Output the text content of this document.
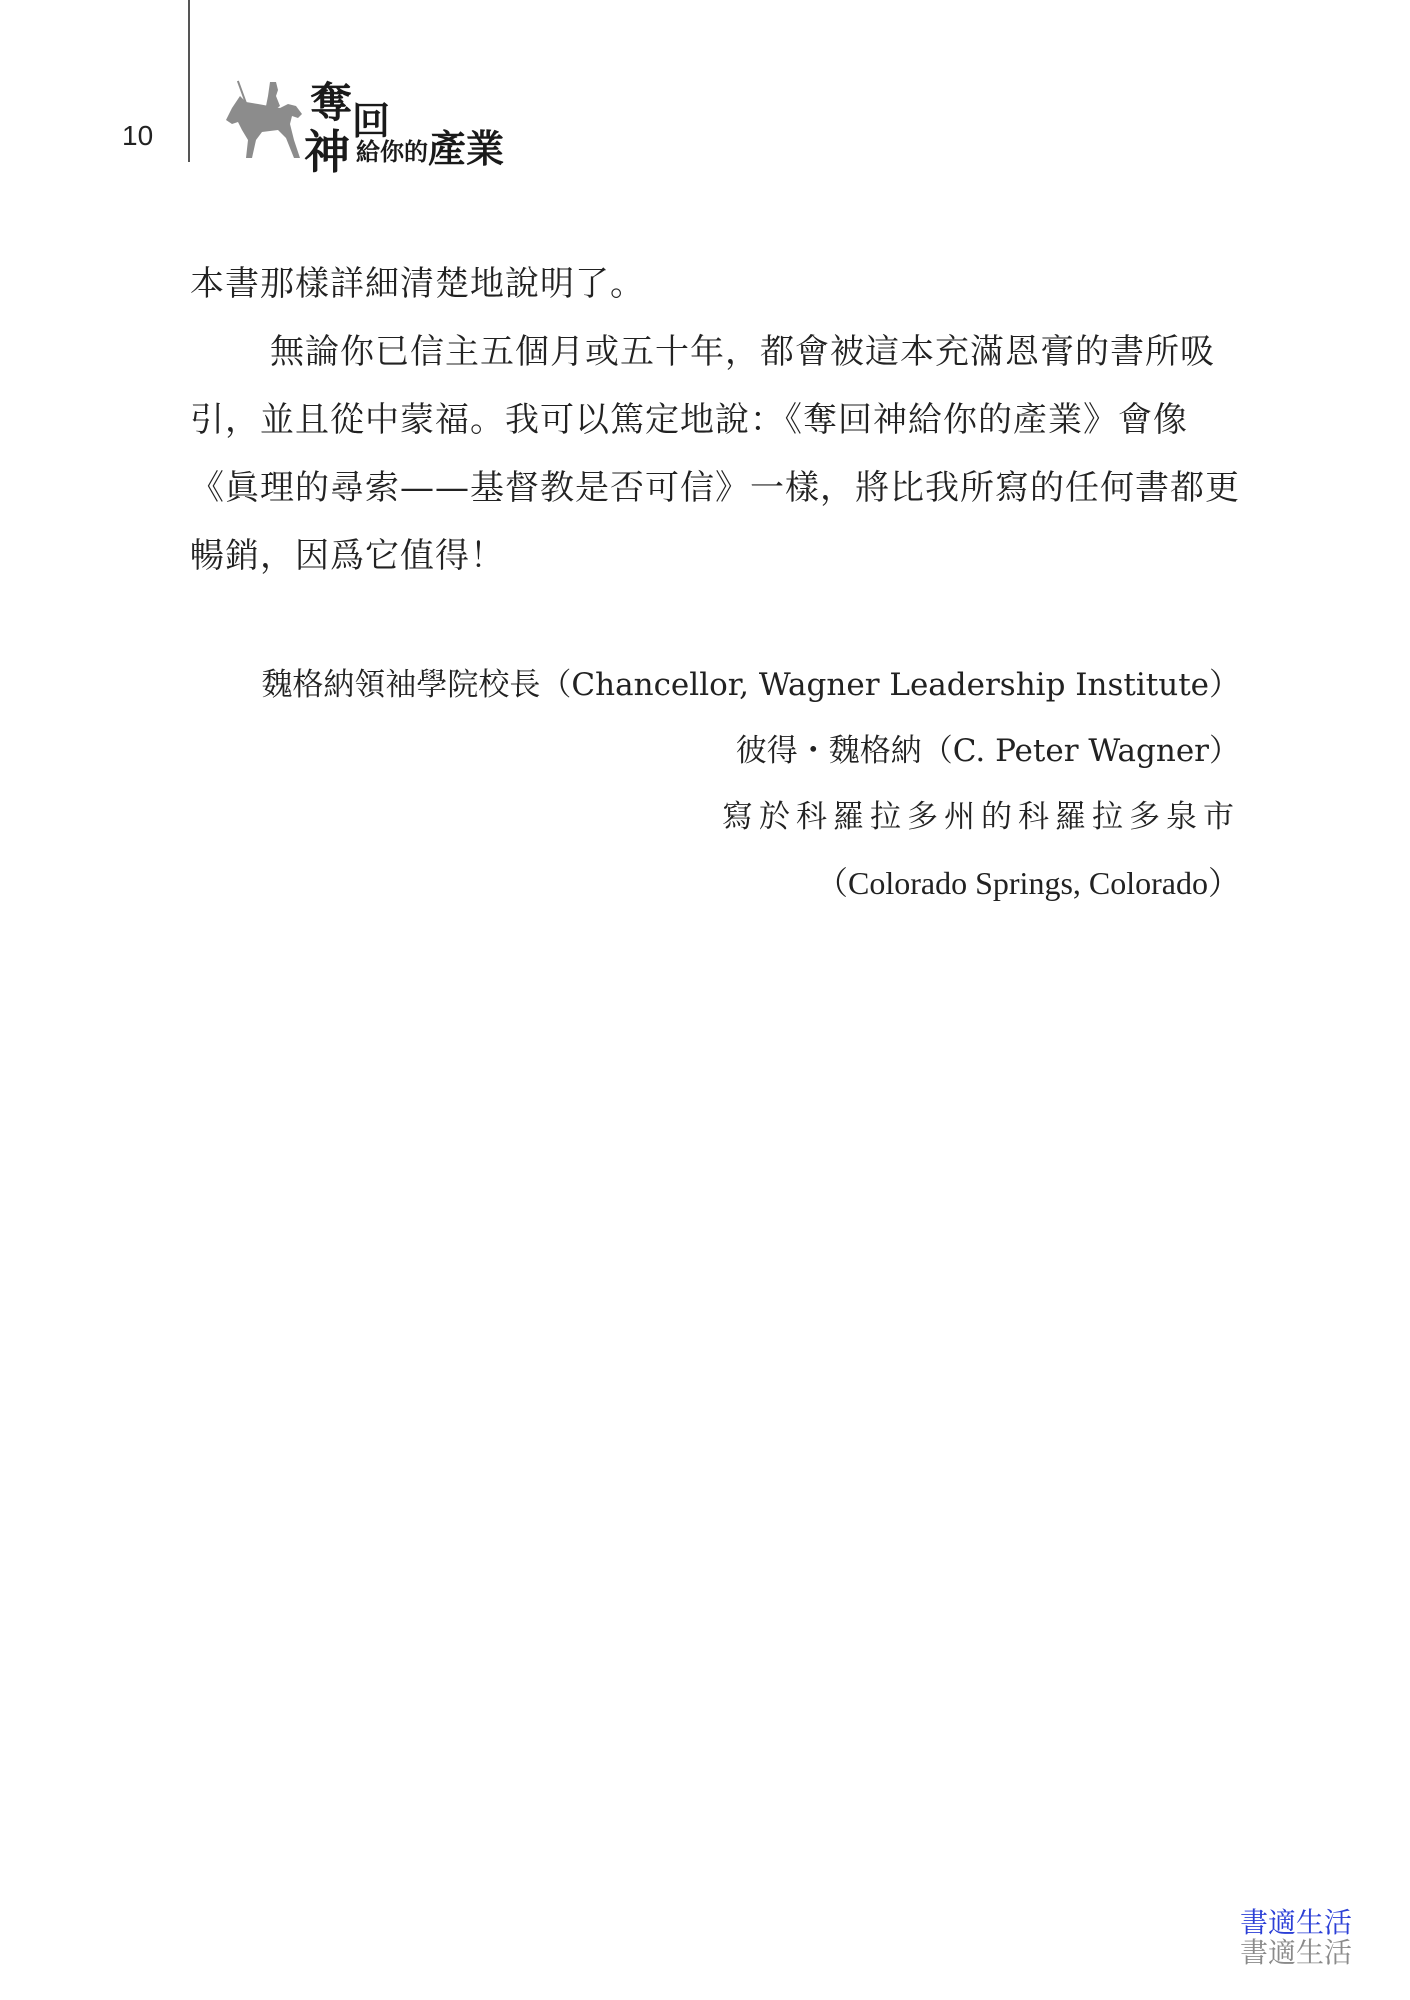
10
奪 回
神 給你的 產業

本書那樣詳細清楚地說明了。

無論你已信主五個月或五十年，都會被這本充滿恩膏的書所吸引，並且從中蒙福。我可以篤定地說：《奪回神給你的產業》會像《眞理的尋索——基督教是否可信》一樣，將比我所寫的任何書都更暢銷，因爲它值得！

魏格納領袖學院校長（Chancellor, Wagner Leadership Institute）

彼得・魏格納（C. Peter Wagner）

寫於科羅拉多州的科羅拉多泉市

（Colorado Springs, Colorado）

書適生活
書適生活
